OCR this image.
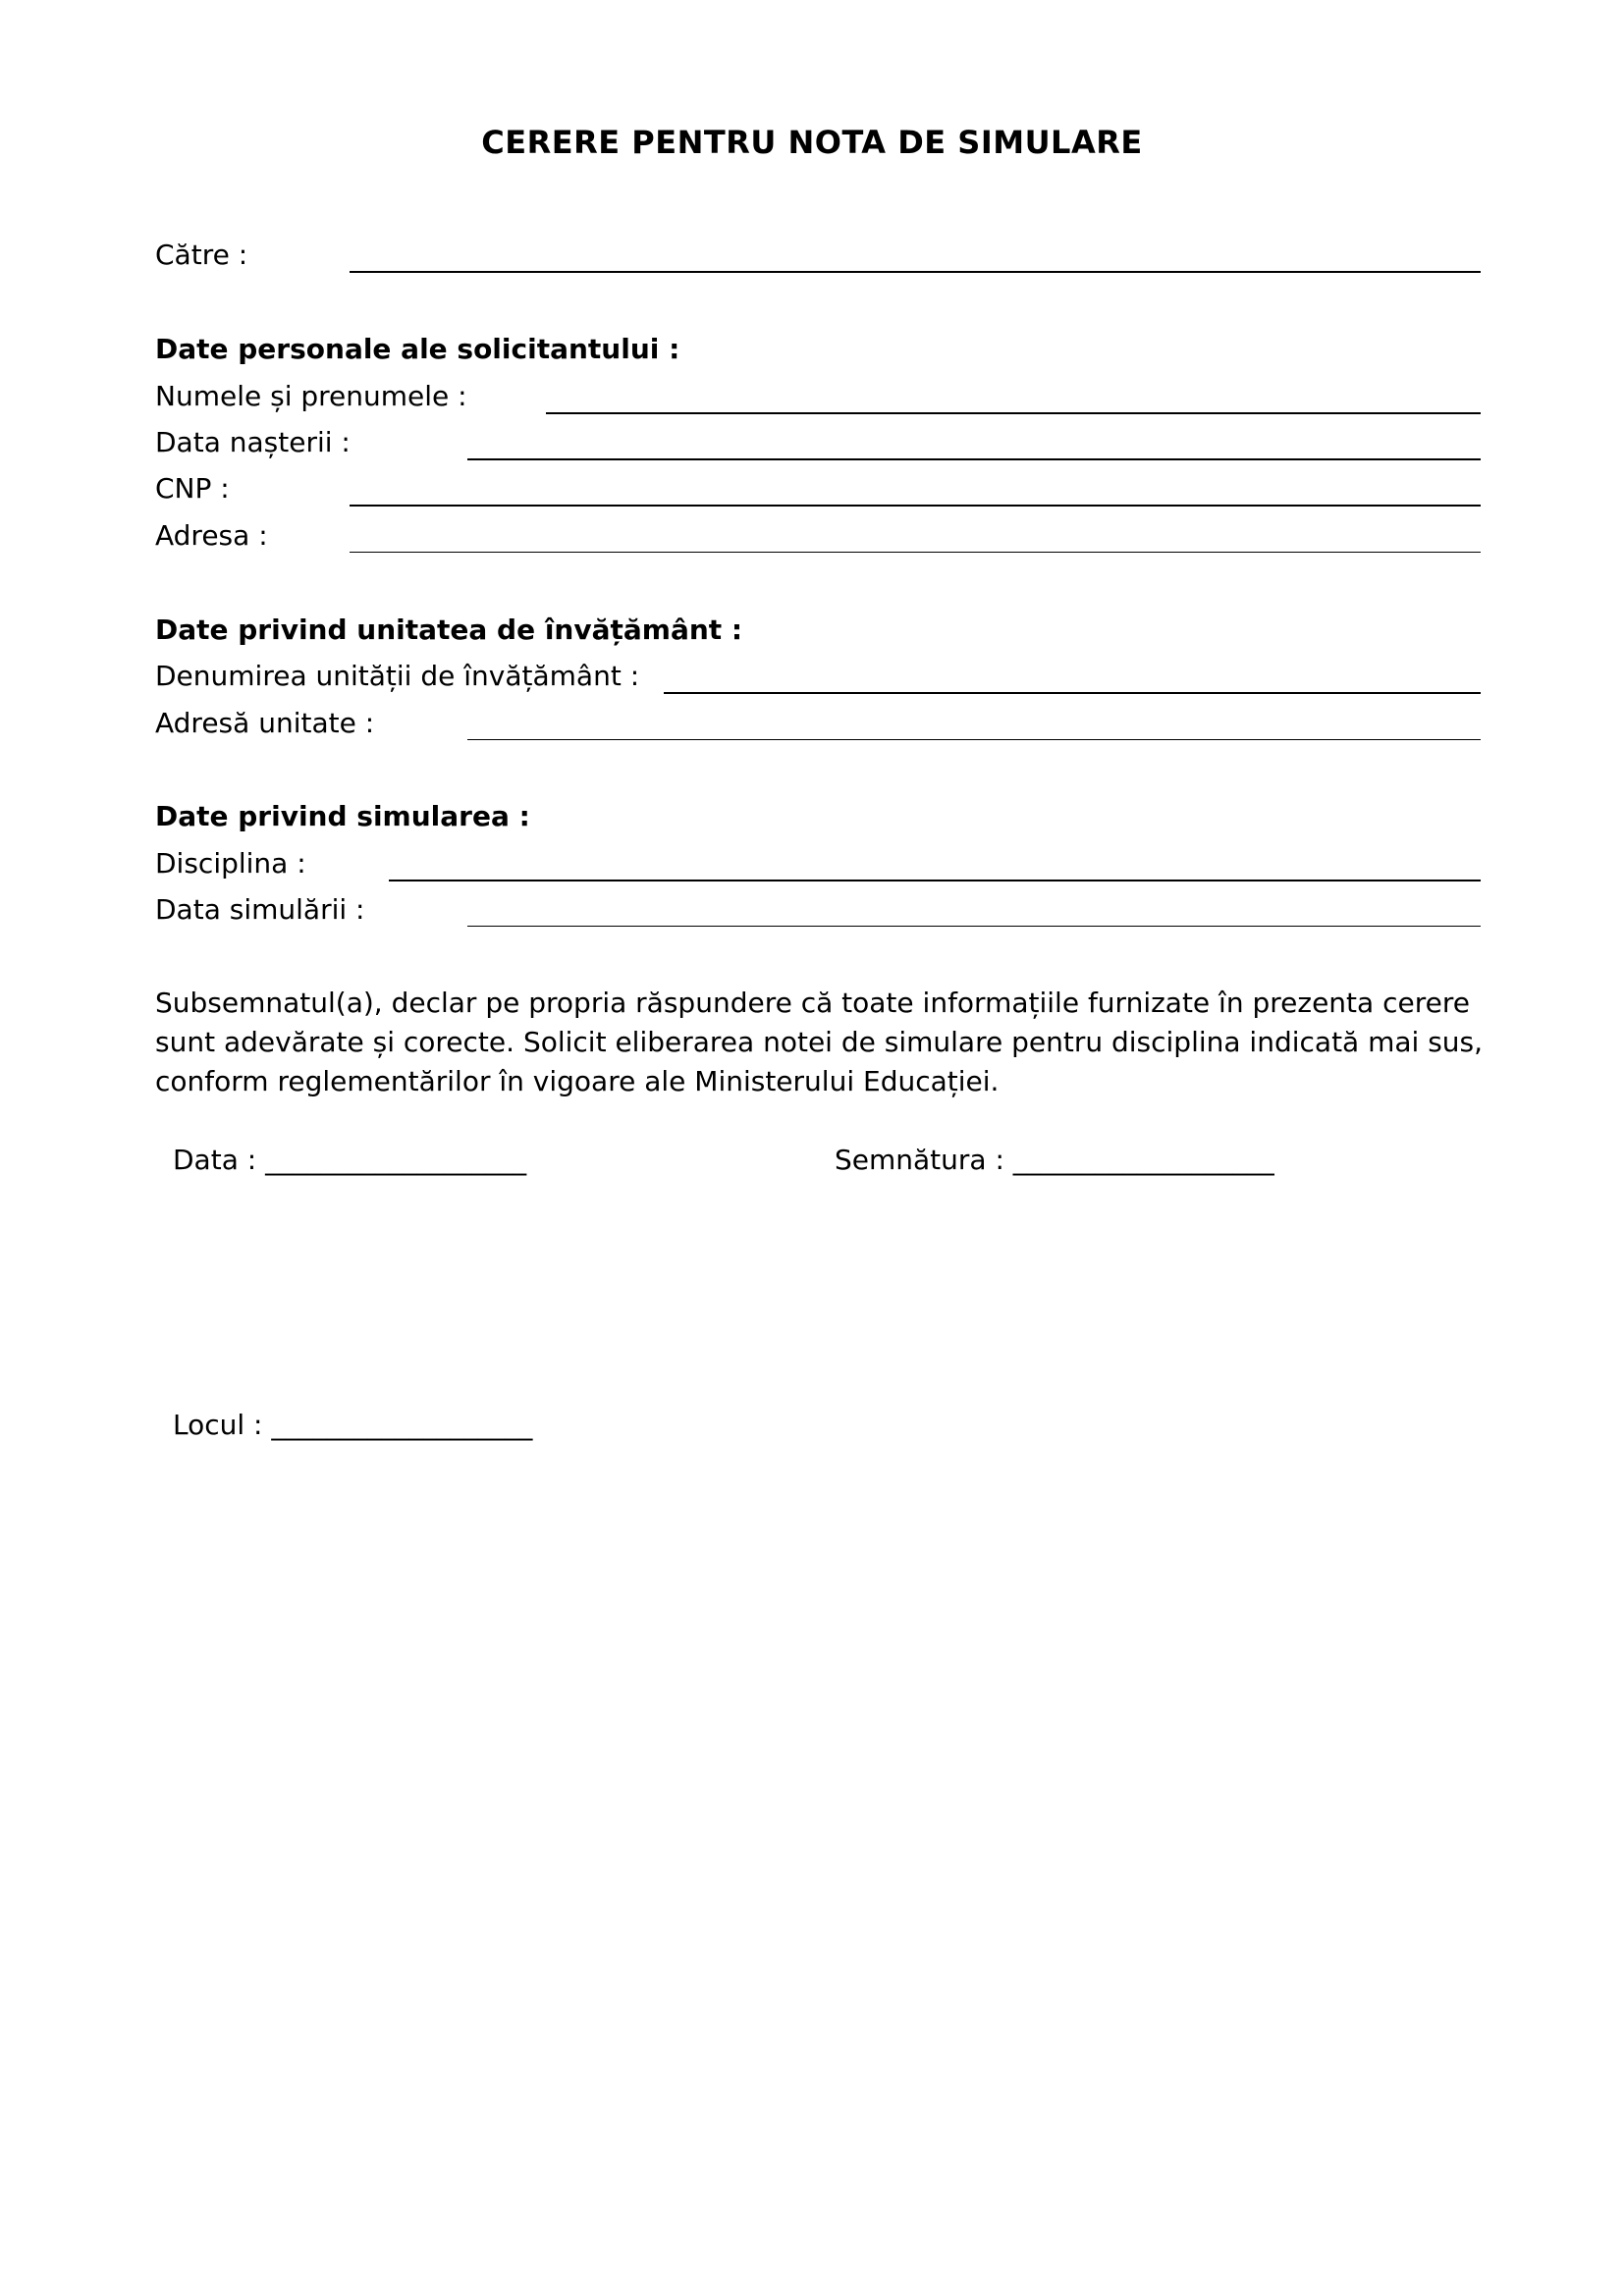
CERERE PENTRU NOTA DE SIMULARE
Către :
Date personale ale solicitantului :
Numele și prenumele :
Data nașterii :
CNP :
Adresa :
Date privind unitatea de învățământ :
Denumirea unității de învățământ :
Adresă unitate :
Date privind simularea :
Disciplina :
Data simulării :
Subsemnatul(a), declar pe propria răspundere că toate informațiile furnizate în prezenta cerere sunt adevărate și corecte. Solicit eliberarea notei de simulare pentru disciplina indicată mai sus, conform reglementărilor în vigoare ale Ministerului Educației.
Data : ___________________	Semnătura : ___________________
Locul : ___________________
